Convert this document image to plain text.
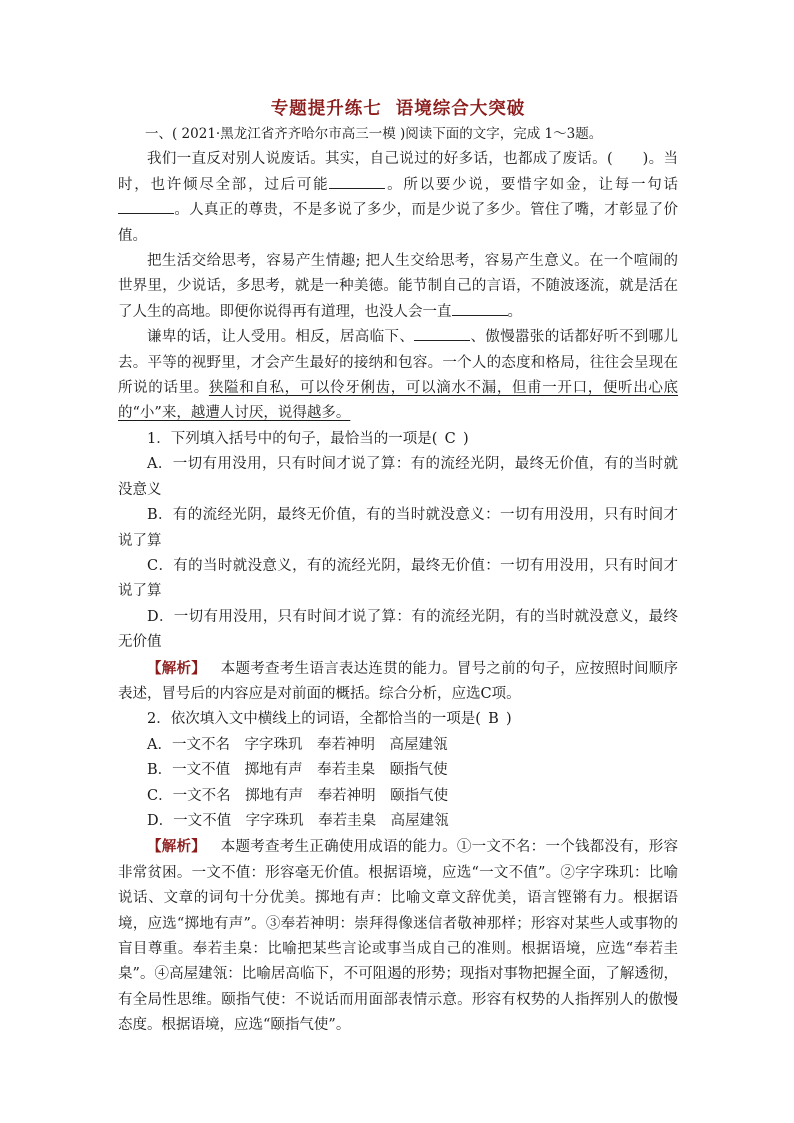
专题提升练七 语境综合大突破

一、( 2021·黑龙江省齐齐哈尔市高三一模 )阅读下面的文字，完成 1～3题。

我们一直反对别人说废话。其实，自己说过的好多话，也都成了废话。(　　)。当时，也许倾尽全部，过后可能	。所以要少说，要惜字如金，让每一句话。人真正的尊贵，不是多说了多少，而是少说了多少。管住了嘴，才彰显了价值。

把生活交给思考，容易产生情趣; 把人生交给思考，容易产生意义。在一个喧闹的世界里，少说话，多思考，就是一种美德。能节制自己的言语，不随波逐流，就是活在了人生的高地。即便你说得再有道理，也没人会一直	。

谦卑的话，让人受用。相反，居高临下、	、傲慢嚣张的话都好听不到哪儿去。平等的视野里，才会产生最好的接纳和包容。一个人的态度和格局，往往会呈现在所说的话里。狭隘和自私，可以伶牙俐齿，可以滴水不漏，但甫一开口，便听出心底的“小”来，越遭人讨厌，说得越多。

1．下列填入括号中的句子，最恰当的一项是(  C  )

A．一切有用没用，只有时间才说了算：有的流经光阴，最终无价值，有的当时就没意义

B．有的流经光阴，最终无价值，有的当时就没意义：一切有用没用，只有时间才说了算

C．有的当时就没意义，有的流经光阴，最终无价值：一切有用没用，只有时间才说了算

D．一切有用没用，只有时间才说了算：有的流经光阴，有的当时就没意义，最终无价值

【解析】  本题考查考生语言表达连贯的能力。冒号之前的句子，应按照时间顺序表述，冒号后的内容应是对前面的概括。综合分析，应选C项。

2．依次填入文中横线上的词语，全都恰当的一项是(  B  )

A．一文不名　字字珠玑　奉若神明　高屋建瓴

B．一文不值　掷地有声　奉若圭臬　颐指气使

C．一文不名　掷地有声　奉若神明　颐指气使

D．一文不值　字字珠玑　奉若圭臬　高屋建瓴

【解析】  本题考查考生正确使用成语的能力。①一文不名：一个钱都没有，形容非常贫困。一文不值：形容毫无价值。根据语境，应选“一文不值”。②字字珠玑：比喻说话、文章的词句十分优美。掷地有声：比喻文章文辞优美，语言铿锵有力。根据语境，应选“掷地有声”。③奉若神明：崇拜得像迷信者敬神那样；形容对某些人或事物的盲目尊重。奉若圭臬：比喻把某些言论或事当成自己的准则。根据语境，应选“奉若圭臬”。④高屋建瓴：比喻居高临下，不可阻遏的形势；现指对事物把握全面，了解透彻，有全局性思维。颐指气使：不说话而用面部表情示意。形容有权势的人指挥别人的傲慢态度。根据语境，应选“颐指气使”。
